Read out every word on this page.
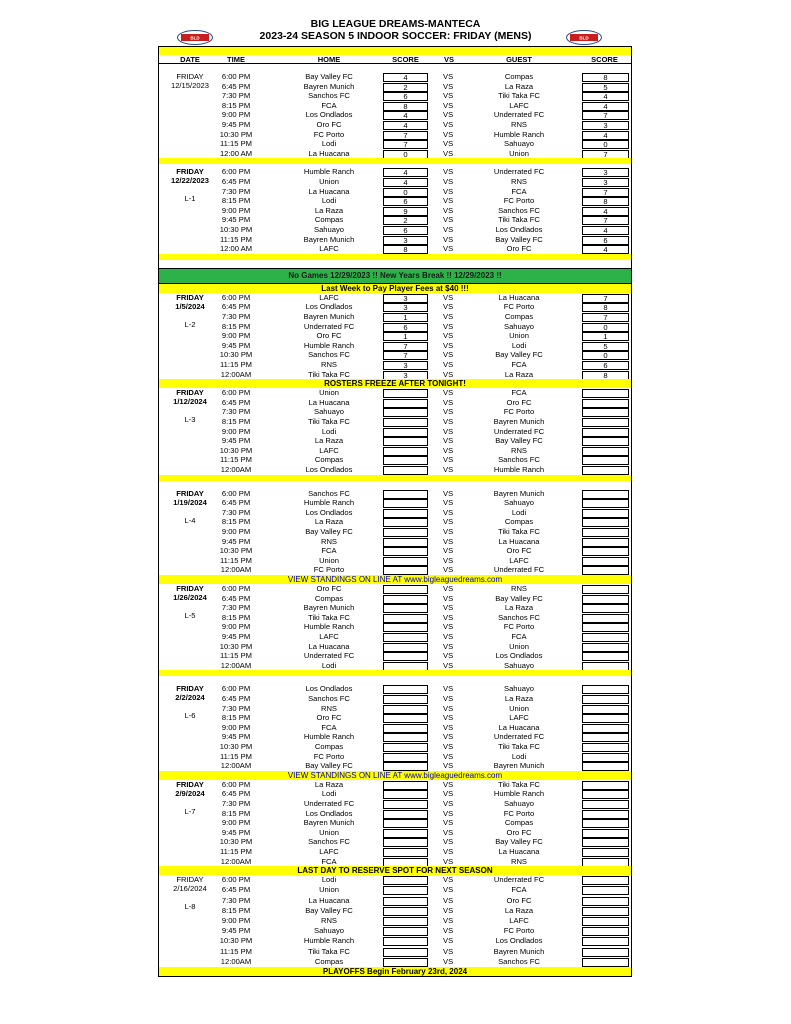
BIG LEAGUE DREAMS-MANTECA
2023-24 SEASON 5 INDOOR SOCCER: FRIDAY (MENS)
BLD	BLD
DATE	TIME	HOME	SCORE	VS	GUEST	SCORE
FRIDAY
12/15/2023
6:00 PM	Bay Valley FC	4	VS	Compas	8
6:45 PM	Bayren Munich	2	VS	La Raza	5
7:30 PM	Sanchos FC	6	VS	Tiki Taka FC	4
8:15 PM	FCA	8	VS	LAFC	4
9:00 PM	Los Ondlados	4	VS	Underrated FC	7
9:45 PM	Oro FC	4	VS	RNS	3
10:30 PM	FC Porto	7	VS	Humble Ranch	4
11:15 PM	Lodi	7	VS	Sahuayo	0
12:00 AM	La Huacana	0	VS	Union	7
FRIDAY
12/22/2023
L-1
6:00 PM	Humble Ranch	4	VS	Underrated FC	3
6:45 PM	Union	4	VS	RNS	3
7:30 PM	La Huacana	0	VS	FCA	7
8:15 PM	Lodi	6	VS	FC Porto	8
9:00 PM	La Raza	9	VS	Sanchos FC	4
9:45 PM	Compas	2	VS	Tiki Taka FC	7
10:30 PM	Sahuayo	6	VS	Los Ondlados	4
11:15 PM	Bayren Munich	3	VS	Bay Valley FC	6
12:00 AM	LAFC	8	VS	Oro FC	4
No Games 12/29/2023 !! New Years Break !! 12/29/2023 !!
Last Week to Pay Player Fees at $40 !!!
FRIDAY
1/5/2024
L-2
6:00 PM	LAFC	3	VS	La Huacana	7
6:45 PM	Los Ondlados	3	VS	FC Porto	8
7:30 PM	Bayren Munich	1	VS	Compas	7
8:15 PM	Underrated FC	6	VS	Sahuayo	0
9:00 PM	Oro FC	1	VS	Union	1
9:45 PM	Humble Ranch	7	VS	Lodi	5
10:30 PM	Sanchos FC	7	VS	Bay Valley FC	0
11:15 PM	RNS	3	VS	FCA	6
12:00AM	Tiki Taka FC	3	VS	La Raza	8
ROSTERS FREEZE AFTER TONIGHT!
FRIDAY
1/12/2024
L-3
6:00 PM	Union	VS	FCA
6:45 PM	La Huacana	VS	Oro FC
7:30 PM	Sahuayo	VS	FC Porto
8:15 PM	Tiki Taka FC	VS	Bayren Munich
9:00 PM	Lodi	VS	Underrated FC
9:45 PM	La Raza	VS	Bay Valley FC
10:30 PM	LAFC	VS	RNS
11:15 PM	Compas	VS	Sanchos FC
12:00AM	Los Ondlados	VS	Humble Ranch
FRIDAY
1/19/2024
L-4
6:00 PM	Sanchos FC	VS	Bayren Munich
6:45 PM	Humble Ranch	VS	Sahuayo
7:30 PM	Los Ondlados	VS	Lodi
8:15 PM	La Raza	VS	Compas
9:00 PM	Bay Valley FC	VS	Tiki Taka FC
9:45 PM	RNS	VS	La Huacana
10:30 PM	FCA	VS	Oro FC
11:15 PM	Union	VS	LAFC
12:00AM	FC Porto	VS	Underrated FC
VIEW STANDINGS ON LINE AT www.bigleaguedreams.com
FRIDAY
1/26/2024
L-5
6:00 PM	Oro FC	VS	RNS
6:45 PM	Compas	VS	Bay Valley FC
7:30 PM	Bayren Munich	VS	La Raza
8:15 PM	Tiki Taka FC	VS	Sanchos FC
9:00 PM	Humble Ranch	VS	FC Porto
9:45 PM	LAFC	VS	FCA
10:30 PM	La Huacana	VS	Union
11:15 PM	Underrated FC	VS	Los Ondlados
12:00AM	Lodi	VS	Sahuayo
FRIDAY
2/2/2024
L-6
6:00 PM	Los Ondlados	VS	Sahuayo
6:45 PM	Sanchos FC	VS	La Raza
7:30 PM	RNS	VS	Union
8:15 PM	Oro FC	VS	LAFC
9:00 PM	FCA	VS	La Huacana
9:45 PM	Humble Ranch	VS	Underrated FC
10:30 PM	Compas	VS	Tiki Taka FC
11:15 PM	FC Porto	VS	Lodi
12:00AM	Bay Valley FC	VS	Bayren Munich
VIEW STANDINGS ON LINE AT www.bigleaguedreams.com
FRIDAY
2/9/2024
L-7
6:00 PM	La Raza	VS	Tiki Taka FC
6:45 PM	Lodi	VS	Humble Ranch
7:30 PM	Underrated FC	VS	Sahuayo
8:15 PM	Los Ondlados	VS	FC Porto
9:00 PM	Bayren Munich	VS	Compas
9:45 PM	Union	VS	Oro FC
10:30 PM	Sanchos FC	VS	Bay Valley FC
11:15 PM	LAFC	VS	La Huacana
12:00AM	FCA	VS	RNS
LAST DAY TO RESERVE SPOT FOR NEXT SEASON
FRIDAY
2/16/2024
L-8
6:00 PM	Lodi	VS	Underrated FC
6:45 PM	Union	VS	FCA
7:30 PM	La Huacana	VS	Oro FC
8:15 PM	Bay Valley FC	VS	La Raza
9:00 PM	RNS	VS	LAFC
9:45 PM	Sahuayo	VS	FC Porto
10:30 PM	Humble Ranch	VS	Los Ondlados
11:15 PM	Tiki Taka FC	VS	Bayren Munich
12:00AM	Compas	VS	Sanchos FC
PLAYOFFS Begin February 23rd, 2024
